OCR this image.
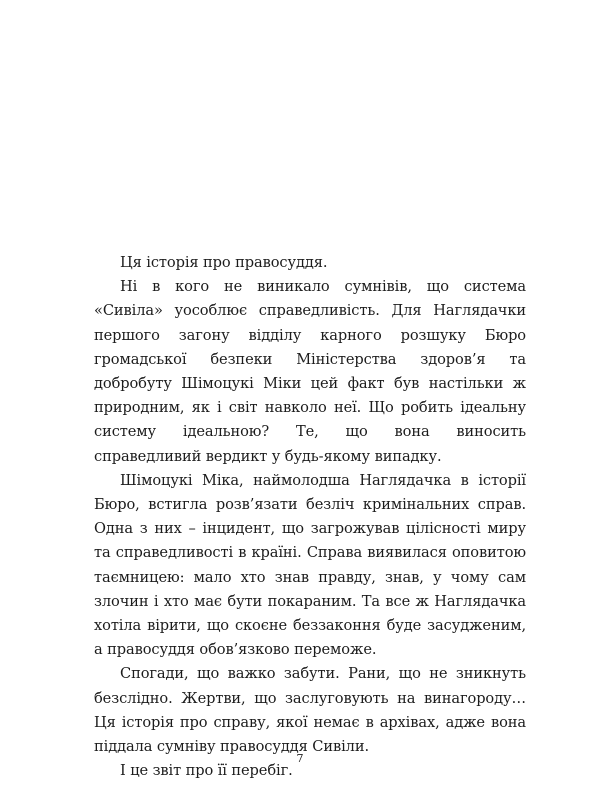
Ця історія про правосуддя.

Ні в кого не виникало сумнівів, що система «Сивіла» уособлює справедливість. Для Наглядачки першого загону відділу карного розшуку Бюро громадської безпеки Міністерства здоров’я та добробуту Шімоцукі Міки цей факт був настільки ж природним, як і світ навколо неї. Що робить ідеальну систему ідеальною? Те, що вона виносить справедливий вердикт у будь-якому випадку.

Шімоцукі Міка, наймолодша Наглядачка в історії Бюро, встигла розв’язати безліч кримінальних справ. Одна з них – інцидент, що загрожував цілісності миру та справедливості в країні. Справа виявилася оповитою таємницею: мало хто знав правду, знав, у чому сам злочин і хто має бути покараним. Та все ж Наглядачка хотіла вірити, що скоєне беззаконня буде засудженим, а правосуддя обов’язково переможе.

Спогади, що важко забути. Рани, що не зникнуть безслідно. Жертви, що заслуговують на винагороду… Ця історія про справу, якої немає в архівах, адже вона піддала сумніву правосуддя Сивіли.

І це звіт про її перебіг.

7
